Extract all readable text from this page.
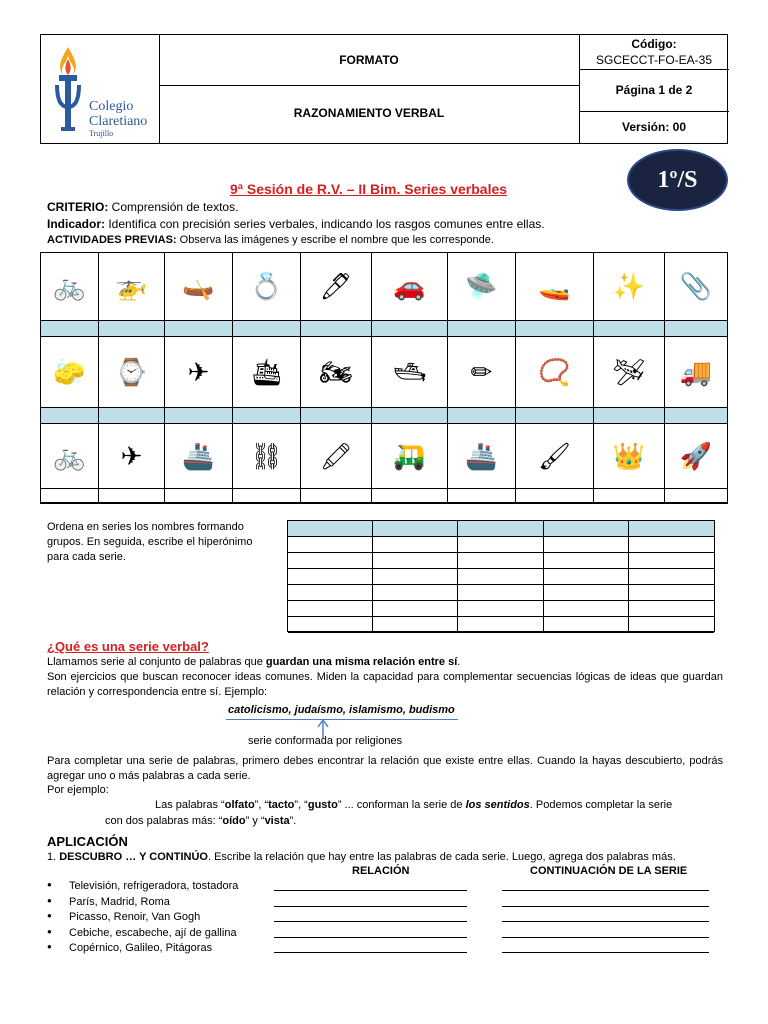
Colegio
Claretiano
Trujillo
FORMATO
RAZONAMIENTO VERBAL
Código:
SGCECCT-FO-EA-35
Página 1 de 2
Versión: 00
1º/S
9ª Sesión de R.V. – II Bim. Series verbales
CRITERIO: Comprensión de textos.
Indicador: Identifica con precisión series verbales, indicando los rasgos comunes entre ellas.
ACTIVIDADES PREVIAS: Observa las imágenes y escribe el nombre que les corresponde.
🚲	🚁	🛶	💍	🖊	🚗	🛸	🚤	✨	📎
🧽	⌚	✈	🛳	🏍	🛥	✏	📿	🛩	🚚
🚲	✈	🚢	⛓	🖍	🛺	🚢	🖌	👑	🚀
Ordena en series los nombres formando grupos. En seguida, escribe el hiperónimo para cada serie.
¿Qué es una serie verbal?
Llamamos serie al conjunto de palabras que guardan una misma relación entre sí.
Son ejercicios que buscan reconocer ideas comunes. Miden la capacidad para complementar secuencias lógicas de ideas que guardan relación y correspondencia entre sí. Ejemplo:
catolicismo, judaísmo, islamismo, budismo
serie conformada por religiones
Para completar una serie de palabras, primero debes encontrar la relación que existe entre ellas. Cuando la hayas descubierto, podrás agregar uno o más palabras a cada serie.
Por ejemplo:
Las palabras “olfato”, “tacto”, “gusto” ... conforman la serie de los sentidos. Podemos completar la serie
con dos palabras más: “oído” y “vista”.
APLICACIÓN
1. DESCUBRO … Y CONTINÚO. Escribe la relación que hay entre las palabras de cada serie. Luego, agrega dos palabras más.
RELACIÓN	CONTINUACIÓN DE LA SERIE
● Televisión, refrigeradora, tostadora
● París, Madrid, Roma
● Picasso, Renoir, Van Gogh
● Cebiche, escabeche, ají de gallina
● Copérnico, Galileo, Pitágoras
